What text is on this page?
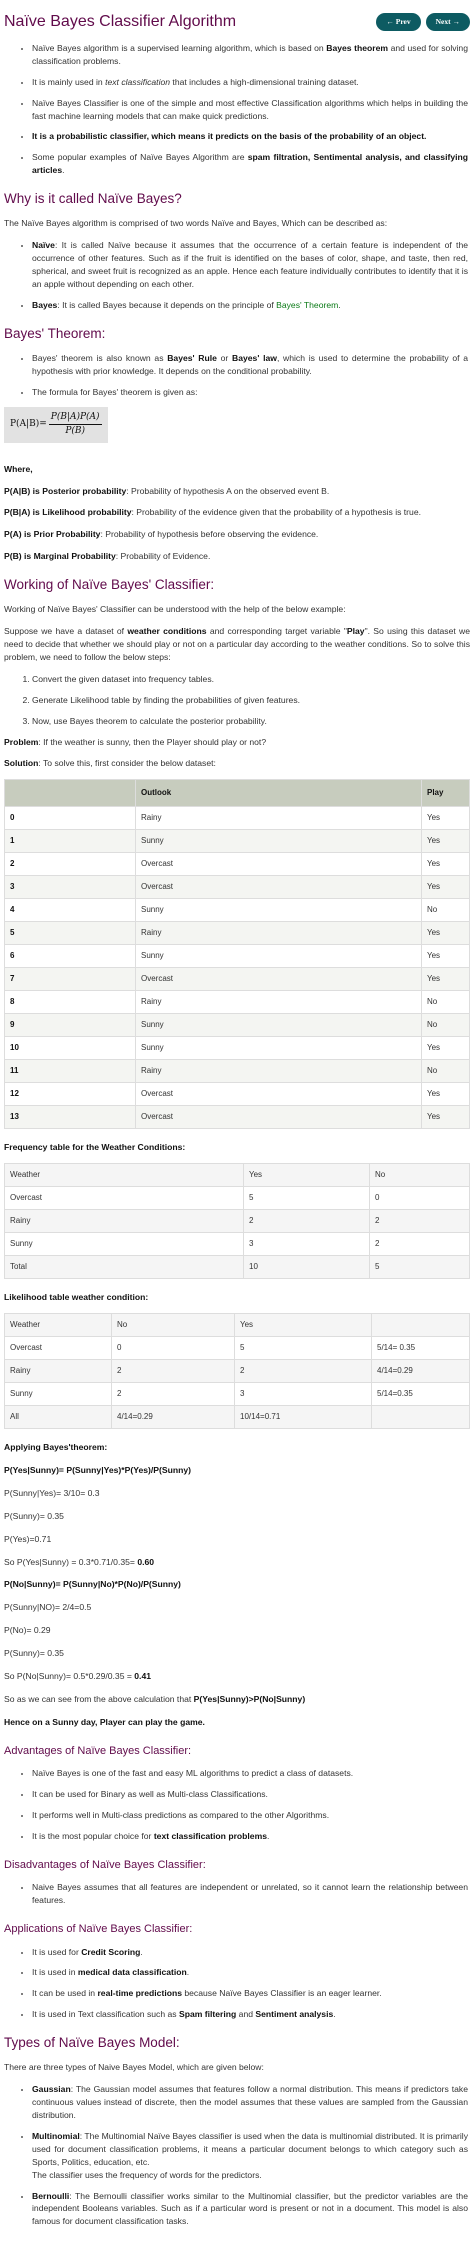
Naïve Bayes Classifier Algorithm	← Prev	Next →
• Naïve Bayes algorithm is a supervised learning algorithm, which is based on Bayes theorem and used for solving classification problems.
• It is mainly used in text classification that includes a high-dimensional training dataset.
• Naïve Bayes Classifier is one of the simple and most effective Classification algorithms which helps in building the fast machine learning models that can make quick predictions.
• It is a probabilistic classifier, which means it predicts on the basis of the probability of an object.
• Some popular examples of Naïve Bayes Algorithm are spam filtration, Sentimental analysis, and classifying articles.
Why is it called Naïve Bayes?

The Naïve Bayes algorithm is comprised of two words Naïve and Bayes, Which can be described as:

• Naïve: It is called Naïve because it assumes that the occurrence of a certain feature is independent of the occurrence of other features. Such as if the fruit is identified on the bases of color, shape, and taste, then red, spherical, and sweet fruit is recognized as an apple. Hence each feature individually contributes to identify that it is an apple without depending on each other.
• Bayes: It is called Bayes because it depends on the principle of Bayes' Theorem.
Bayes' Theorem:
• Bayes' theorem is also known as Bayes' Rule or Bayes' law, which is used to determine the probability of a hypothesis with prior knowledge. It depends on the conditional probability.
• The formula for Bayes' theorem is given as:
$P(A|B)= \frac{P(B|A)P(A)}{P(B)}$

Where,

P(A|B) is Posterior probability: Probability of hypothesis A on the observed event B.

P(B|A) is Likelihood probability: Probability of the evidence given that the probability of a hypothesis is true.

P(A) is Prior Probability: Probability of hypothesis before observing the evidence.

P(B) is Marginal Probability: Probability of Evidence.

Working of Naïve Bayes' Classifier:

Working of Naïve Bayes' Classifier can be understood with the help of the below example:

Suppose we have a dataset of weather conditions and corresponding target variable "Play". So using this dataset we need to decide that whether we should play or not on a particular day according to the weather conditions. So to solve this problem, we need to follow the below steps:

1. Convert the given dataset into frequency tables.
2. Generate Likelihood table by finding the probabilities of given features.
3. Now, use Bayes theorem to calculate the posterior probability.

Problem: If the weather is sunny, then the Player should play or not?

Solution: To solve this, first consider the below dataset:

	Outlook	Play
0	Rainy	Yes
1	Sunny	Yes
2	Overcast	Yes
3	Overcast	Yes
4	Sunny	No
5	Rainy	Yes
6	Sunny	Yes
7	Overcast	Yes
8	Rainy	No
9	Sunny	No
10	Sunny	Yes
11	Rainy	No
12	Overcast	Yes
13	Overcast	Yes

Frequency table for the Weather Conditions:

Weather	Yes	No
Overcast	5	0
Rainy	2	2
Sunny	3	2
Total	10	5

Likelihood table weather condition:

Weather	No	Yes	
Overcast	0	5	5/14= 0.35
Rainy	2	2	4/14=0.29
Sunny	2	3	5/14=0.35
All	4/14=0.29	10/14=0.71	

Applying Bayes'theorem:

P(Yes|Sunny)= P(Sunny|Yes)*P(Yes)/P(Sunny)

P(Sunny|Yes)= 3/10= 0.3

P(Sunny)= 0.35

P(Yes)=0.71

So P(Yes|Sunny) = 0.3*0.71/0.35= 0.60

P(No|Sunny)= P(Sunny|No)*P(No)/P(Sunny)

P(Sunny|NO)= 2/4=0.5

P(No)= 0.29

P(Sunny)= 0.35

So P(No|Sunny)= 0.5*0.29/0.35 = 0.41

So as we can see from the above calculation that P(Yes|Sunny)>P(No|Sunny)

Hence on a Sunny day, Player can play the game.

Advantages of Naïve Bayes Classifier:
• Naïve Bayes is one of the fast and easy ML algorithms to predict a class of datasets.
• It can be used for Binary as well as Multi-class Classifications.
• It performs well in Multi-class predictions as compared to the other Algorithms.
• It is the most popular choice for text classification problems.
Disadvantages of Naïve Bayes Classifier:
• Naive Bayes assumes that all features are independent or unrelated, so it cannot learn the relationship between features.
Applications of Naïve Bayes Classifier:
• It is used for Credit Scoring.
• It is used in medical data classification.
• It can be used in real-time predictions because Naïve Bayes Classifier is an eager learner.
• It is used in Text classification such as Spam filtering and Sentiment analysis.
Types of Naïve Bayes Model:

There are three types of Naive Bayes Model, which are given below:

• Gaussian: The Gaussian model assumes that features follow a normal distribution. This means if predictors take continuous values instead of discrete, then the model assumes that these values are sampled from the Gaussian distribution.
• Multinomial: The Multinomial Naïve Bayes classifier is used when the data is multinomial distributed. It is primarily used for document classification problems, it means a particular document belongs to which category such as Sports, Politics, education, etc.
The classifier uses the frequency of words for the predictors.
• Bernoulli: The Bernoulli classifier works similar to the Multinomial classifier, but the predictor variables are the independent Booleans variables. Such as if a particular word is present or not in a document. This model is also famous for document classification tasks.
